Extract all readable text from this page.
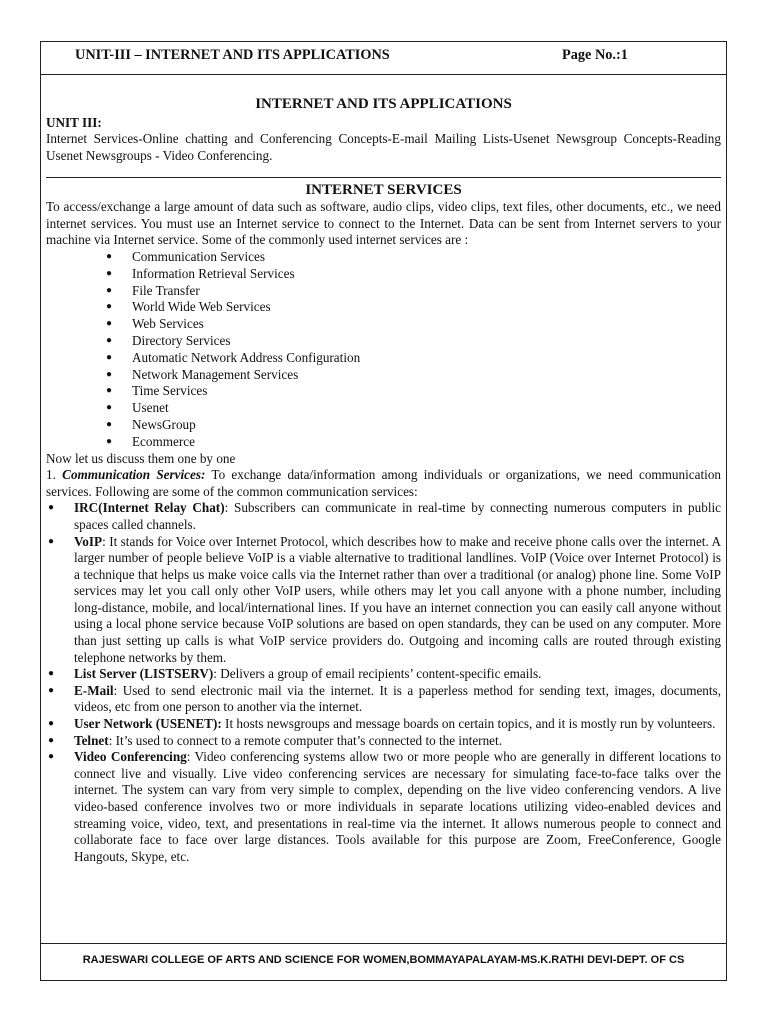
UNIT-III – INTERNET AND ITS APPLICATIONS	Page No.:1
INTERNET AND ITS APPLICATIONS
UNIT III:

Internet Services-Online chatting and Conferencing Concepts-E-mail Mailing Lists-Usenet Newsgroup Concepts-Reading Usenet Newsgroups - Video Conferencing.

INTERNET SERVICES

To access/exchange a large amount of data such as software, audio clips, video clips, text files, other documents, etc., we need internet services. You must use an Internet service to connect to the Internet. Data can be sent from Internet servers to your machine via Internet service. Some of the commonly used internet services are :

● Communication Services
● Information Retrieval Services
● File Transfer
● World Wide Web Services
● Web Services
● Directory Services
● Automatic Network Address Configuration
● Network Management Services
● Time Services
● Usenet
● NewsGroup
● Ecommerce

Now let us discuss them one by one

1. Communication Services: To exchange data/information among individuals or organizations, we need communication services. Following are some of the common communication services:

● IRC(Internet Relay Chat): Subscribers can communicate in real-time by connecting numerous computers in public spaces called channels.
● VoIP: It stands for Voice over Internet Protocol, which describes how to make and receive phone calls over the internet. A larger number of people believe VoIP is a viable alternative to traditional landlines. VoIP (Voice over Internet Protocol) is a technique that helps us make voice calls via the Internet rather than over a traditional (or analog) phone line. Some VoIP services may let you call only other VoIP users, while others may let you call anyone with a phone number, including long-distance, mobile, and local/international lines. If you have an internet connection you can easily call anyone without using a local phone service because VoIP solutions are based on open standards, they can be used on any computer. More than just setting up calls is what VoIP service providers do. Outgoing and incoming calls are routed through existing telephone networks by them.
● List Server (LISTSERV): Delivers a group of email recipients’ content-specific emails.
● E-Mail: Used to send electronic mail via the internet. It is a paperless method for sending text, images, documents, videos, etc from one person to another via the internet.
● User Network (USENET): It hosts newsgroups and message boards on certain topics, and it is mostly run by volunteers.
● Telnet: It’s used to connect to a remote computer that’s connected to the internet.
● Video Conferencing: Video conferencing systems allow two or more people who are generally in different locations to connect live and visually. Live video conferencing services are necessary for simulating face-to-face talks over the internet. The system can vary from very simple to complex, depending on the live video conferencing vendors. A live video-based conference involves two or more individuals in separate locations utilizing video-enabled devices and streaming voice, video, text, and presentations in real-time via the internet. It allows numerous people to connect and collaborate face to face over large distances. Tools available for this purpose are Zoom, FreeConference, Google Hangouts, Skype, etc.
$_{RAJESWARI COLLEGE OF ARTS AND SCIENCE FOR WOMEN,BOMMAYAPALAYAM-MS.K.RATHI DEVI-DEPT. OF CS}$
